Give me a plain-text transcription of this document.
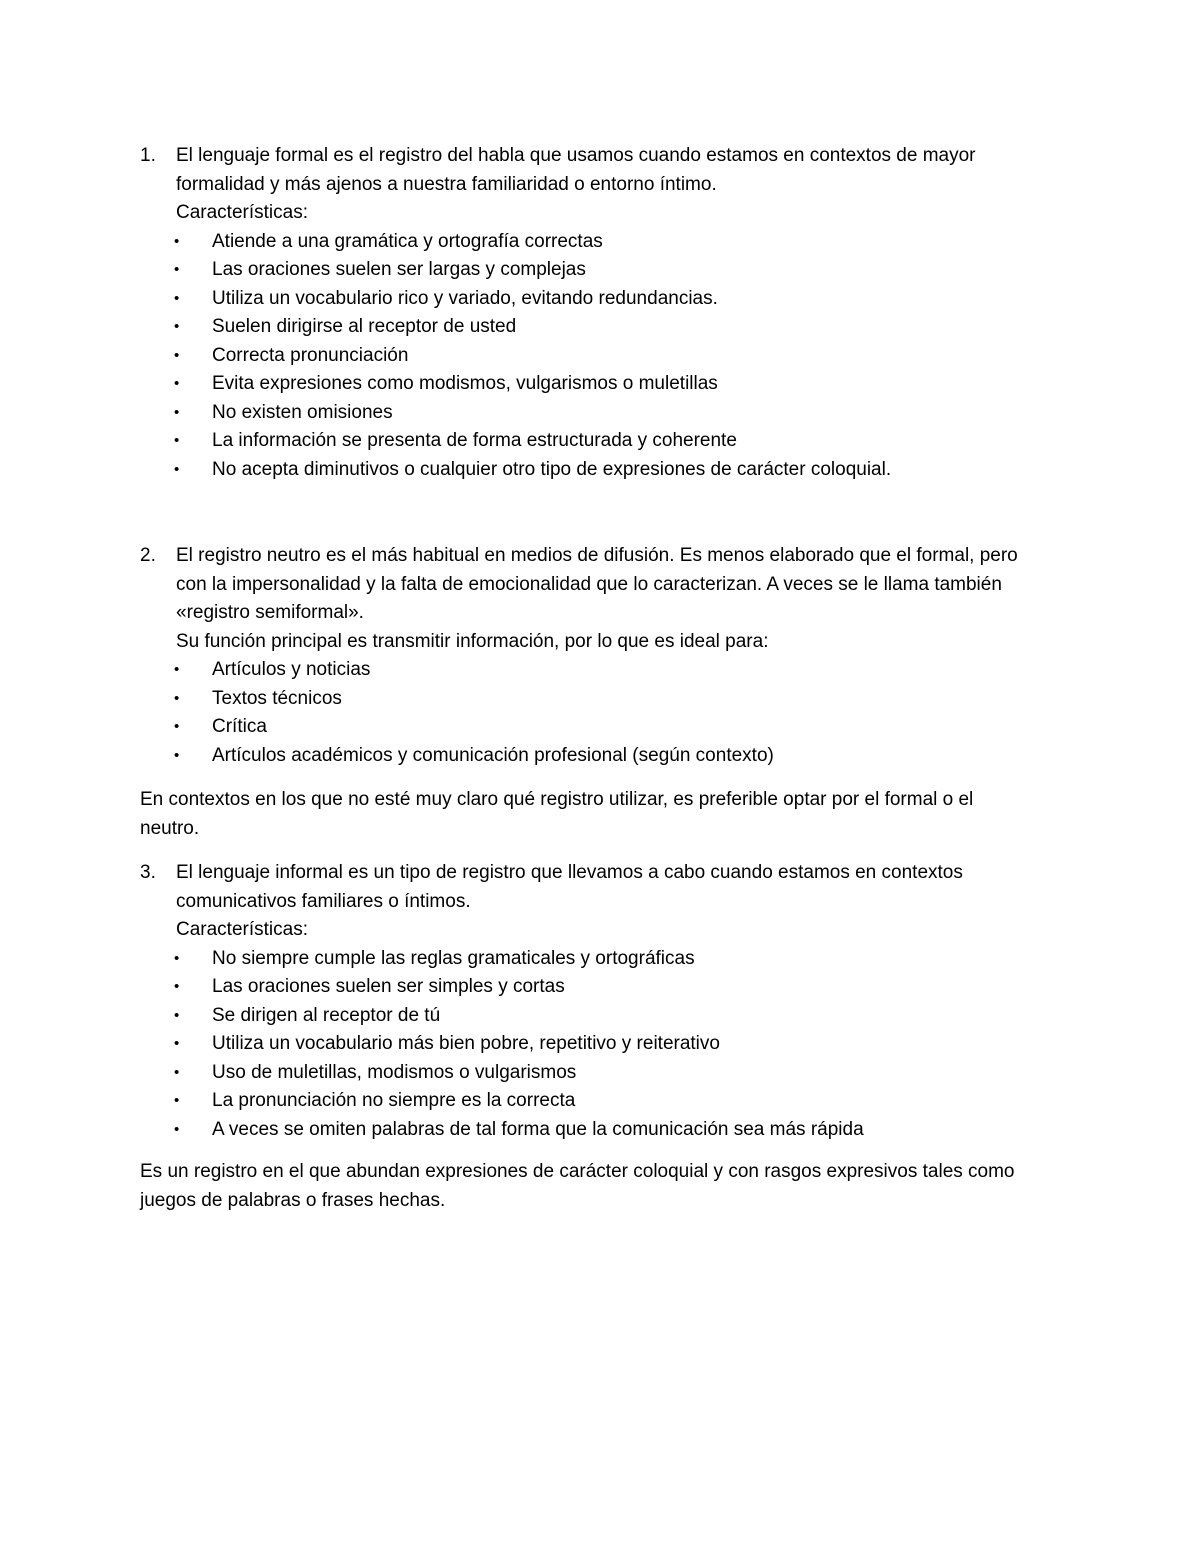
1. El lenguaje formal es el registro del habla que usamos cuando estamos en contextos de mayor
formalidad y más ajenos a nuestra familiaridad o entorno íntimo.
Características:
• Atiende a una gramática y ortografía correctas
• Las oraciones suelen ser largas y complejas
• Utiliza un vocabulario rico y variado, evitando redundancias.
• Suelen dirigirse al receptor de usted
• Correcta pronunciación
• Evita expresiones como modismos, vulgarismos o muletillas
• No existen omisiones
• La información se presenta de forma estructurada y coherente
• No acepta diminutivos o cualquier otro tipo de expresiones de carácter coloquial.
2. El registro neutro es el más habitual en medios de difusión. Es menos elaborado que el formal, pero
con la impersonalidad y la falta de emocionalidad que lo caracterizan. A veces se le llama también
«registro semiformal».
Su función principal es transmitir información, por lo que es ideal para:
• Artículos y noticias
• Textos técnicos
• Crítica
• Artículos académicos y comunicación profesional (según contexto)
En contextos en los que no esté muy claro qué registro utilizar, es preferible optar por el formal o el
neutro.
3. El lenguaje informal es un tipo de registro que llevamos a cabo cuando estamos en contextos
comunicativos familiares o íntimos.
Características:
• No siempre cumple las reglas gramaticales y ortográficas
• Las oraciones suelen ser simples y cortas
• Se dirigen al receptor de tú
• Utiliza un vocabulario más bien pobre, repetitivo y reiterativo
• Uso de muletillas, modismos o vulgarismos
• La pronunciación no siempre es la correcta
• A veces se omiten palabras de tal forma que la comunicación sea más rápida
Es un registro en el que abundan expresiones de carácter coloquial y con rasgos expresivos tales como
juegos de palabras o frases hechas.
